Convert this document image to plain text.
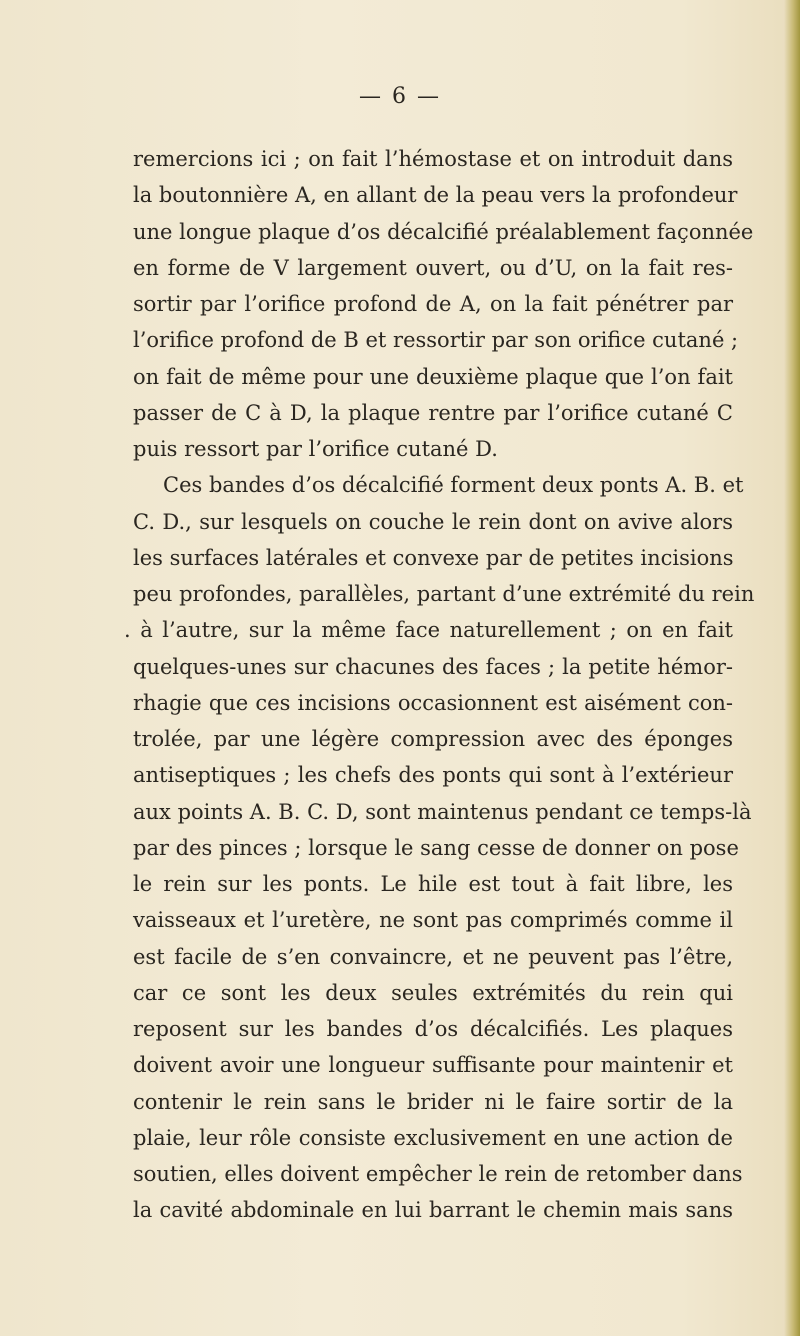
— 6 —
remercions ici ; on fait l’hémostase et on introduit dans
la boutonnière A, en allant de la peau vers la profondeur
une longue plaque d’os décalcifié préalablement façonnée
en forme de V largement ouvert, ou d’U, on la fait res-
sortir par l’orifice profond de A, on la fait pénétrer par
l’orifice profond de B et ressortir par son orifice cutané ;
on fait de même pour une deuxième plaque que l’on fait
passer de C à D, la plaque rentre par l’orifice cutané C
puis ressort par l’orifice cutané D.
Ces bandes d’os décalcifié forment deux ponts A. B. et
C. D., sur lesquels on couche le rein dont on avive alors
les surfaces latérales et convexe par de petites incisions
peu profondes, parallèles, partant d’une extrémité du rein
. à l’autre, sur la même face naturellement ; on en fait
quelques-unes sur chacunes des faces ; la petite hémor-
rhagie que ces incisions occasionnent est aisément con-
trolée, par une légère compression avec des éponges
antiseptiques ; les chefs des ponts qui sont à l’extérieur
aux points A. B. C. D, sont maintenus pendant ce temps-là
par des pinces ; lorsque le sang cesse de donner on pose
le rein sur les ponts. Le hile est tout à fait libre, les
vaisseaux et l’uretère, ne sont pas comprimés comme il
est facile de s’en convaincre, et ne peuvent pas l’être,
car ce sont les deux seules extrémités du rein qui
reposent sur les bandes d’os décalcifiés. Les plaques
doivent avoir une longueur suffisante pour maintenir et
contenir le rein sans le brider ni le faire sortir de la
plaie, leur rôle consiste exclusivement en une action de
soutien, elles doivent empêcher le rein de retomber dans
la cavité abdominale en lui barrant le chemin mais sans
